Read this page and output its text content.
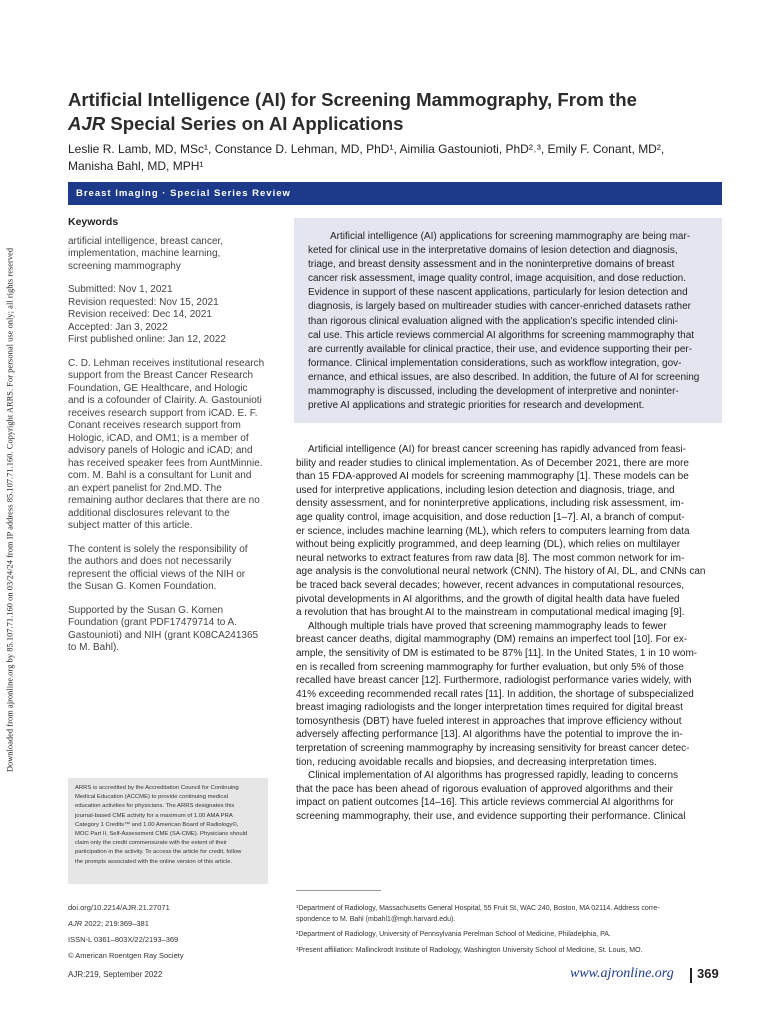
Downloaded from ajronline.org by 85.107.71.160 on 03/24/24 from IP address 85.107.71.160. Copyright ARRS. For personal use only; all rights reserved
Artificial Intelligence (AI) for Screening Mammography, From the
AJR Special Series on AI Applications
Leslie R. Lamb, MD, MSc¹, Constance D. Lehman, MD, PhD¹, Aimilia Gastounioti, PhD²˒³, Emily F. Conant, MD²,
Manisha Bahl, MD, MPH¹
Breast Imaging · Special Series Review
Keywords

artificial intelligence, breast cancer,
implementation, machine learning,
screening mammography

Submitted: Nov 1, 2021
Revision requested: Nov 15, 2021
Revision received: Dec 14, 2021
Accepted: Jan 3, 2022
First published online: Jan 12, 2022

C. D. Lehman receives institutional research
support from the Breast Cancer Research
Foundation, GE Healthcare, and Hologic
and is a cofounder of Clairity. A. Gastounioti
receives research support from iCAD. E. F.
Conant receives research support from
Hologic, iCAD, and OM1; is a member of
advisory panels of Hologic and iCAD; and
has received speaker fees from AuntMinnie.
com. M. Bahl is a consultant for Lunit and
an expert panelist for 2nd.MD. The
remaining author declares that there are no
additional disclosures relevant to the
subject matter of this article.

The content is solely the responsibility of
the authors and does not necessarily
represent the official views of the NIH or
the Susan G. Komen Foundation.

Supported by the Susan G. Komen
Foundation (grant PDF17479714 to A.
Gastounioti) and NIH (grant K08CA241365
to M. Bahl).

ARRS is accredited by the Accreditation Council for Continuing
Medical Education (ACCME) to provide continuing medical
education activities for physicians. The ARRS designates this
journal-based CME activity for a maximum of 1.00 AMA PRA
Category 1 Credits™ and 1.00 American Board of Radiology©,
MOC Part II, Self-Assessment CME (SA-CME). Physicians should
claim only the credit commensurate with the extent of their
participation in the activity. To access the article for credit, follow
the prompts associated with the online version of this article.
doi.org/10.2214/AJR.21.27071
AJR 2022; 219:369–381
ISSN-L 0361–803X/22/2193–369
© American Roentgen Ray Society
AJR:219, September 2022
Artificial intelligence (AI) applications for screening mammography are being mar-
keted for clinical use in the interpretative domains of lesion detection and diagnosis,
triage, and breast density assessment and in the noninterpretive domains of breast
cancer risk assessment, image quality control, image acquisition, and dose reduction.
Evidence in support of these nascent applications, particularly for lesion detection and
diagnosis, is largely based on multireader studies with cancer-enriched datasets rather
than rigorous clinical evaluation aligned with the application’s specific intended clini-
cal use. This article reviews commercial AI algorithms for screening mammography that
are currently available for clinical practice, their use, and evidence supporting their per-
formance. Clinical implementation considerations, such as workflow integration, gov-
ernance, and ethical issues, are also described. In addition, the future of AI for screening
mammography is discussed, including the development of interpretive and noninter-
pretive AI applications and strategic priorities for research and development.
Artificial intelligence (AI) for breast cancer screening has rapidly advanced from feasi-
bility and reader studies to clinical implementation. As of December 2021, there are more
than 15 FDA-approved AI models for screening mammography [1]. These models can be
used for interpretive applications, including lesion detection and diagnosis, triage, and
density assessment, and for noninterpretive applications, including risk assessment, im-
age quality control, image acquisition, and dose reduction [1–7]. AI, a branch of comput-
er science, includes machine learning (ML), which refers to computers learning from data
without being explicitly programmed, and deep learning (DL), which relies on multilayer
neural networks to extract features from raw data [8]. The most common network for im-
age analysis is the convolutional neural network (CNN). The history of AI, DL, and CNNs can
be traced back several decades; however, recent advances in computational resources,
pivotal developments in AI algorithms, and the growth of digital health data have fueled
a revolution that has brought AI to the mainstream in computational medical imaging [9].
Although multiple trials have proved that screening mammography leads to fewer
breast cancer deaths, digital mammography (DM) remains an imperfect tool [10]. For ex-
ample, the sensitivity of DM is estimated to be 87% [11]. In the United States, 1 in 10 wom-
en is recalled from screening mammography for further evaluation, but only 5% of those
recalled have breast cancer [12]. Furthermore, radiologist performance varies widely, with
41% exceeding recommended recall rates [11]. In addition, the shortage of subspecialized
breast imaging radiologists and the longer interpretation times required for digital breast
tomosynthesis (DBT) have fueled interest in approaches that improve efficiency without
adversely affecting performance [13]. AI algorithms have the potential to improve the in-
terpretation of screening mammography by increasing sensitivity for breast cancer detec-
tion, reducing avoidable recalls and biopsies, and decreasing interpretation times.
Clinical implementation of AI algorithms has progressed rapidly, leading to concerns
that the pace has been ahead of rigorous evaluation of approved algorithms and their
impact on patient outcomes [14–16]. This article reviews commercial AI algorithms for
screening mammography, their use, and evidence supporting their performance. Clinical
¹Department of Radiology, Massachusetts General Hospital, 55 Fruit St, WAC 240, Boston, MA 02114. Address corre-
spondence to M. Bahl (mbahl1@mgh.harvard.edu).
²Department of Radiology, University of Pennsylvania Perelman School of Medicine, Philadelphia, PA.
³Present affiliation: Mallinckrodt Institute of Radiology, Washington University School of Medicine, St. Louis, MO.
www.ajronline.org 369
